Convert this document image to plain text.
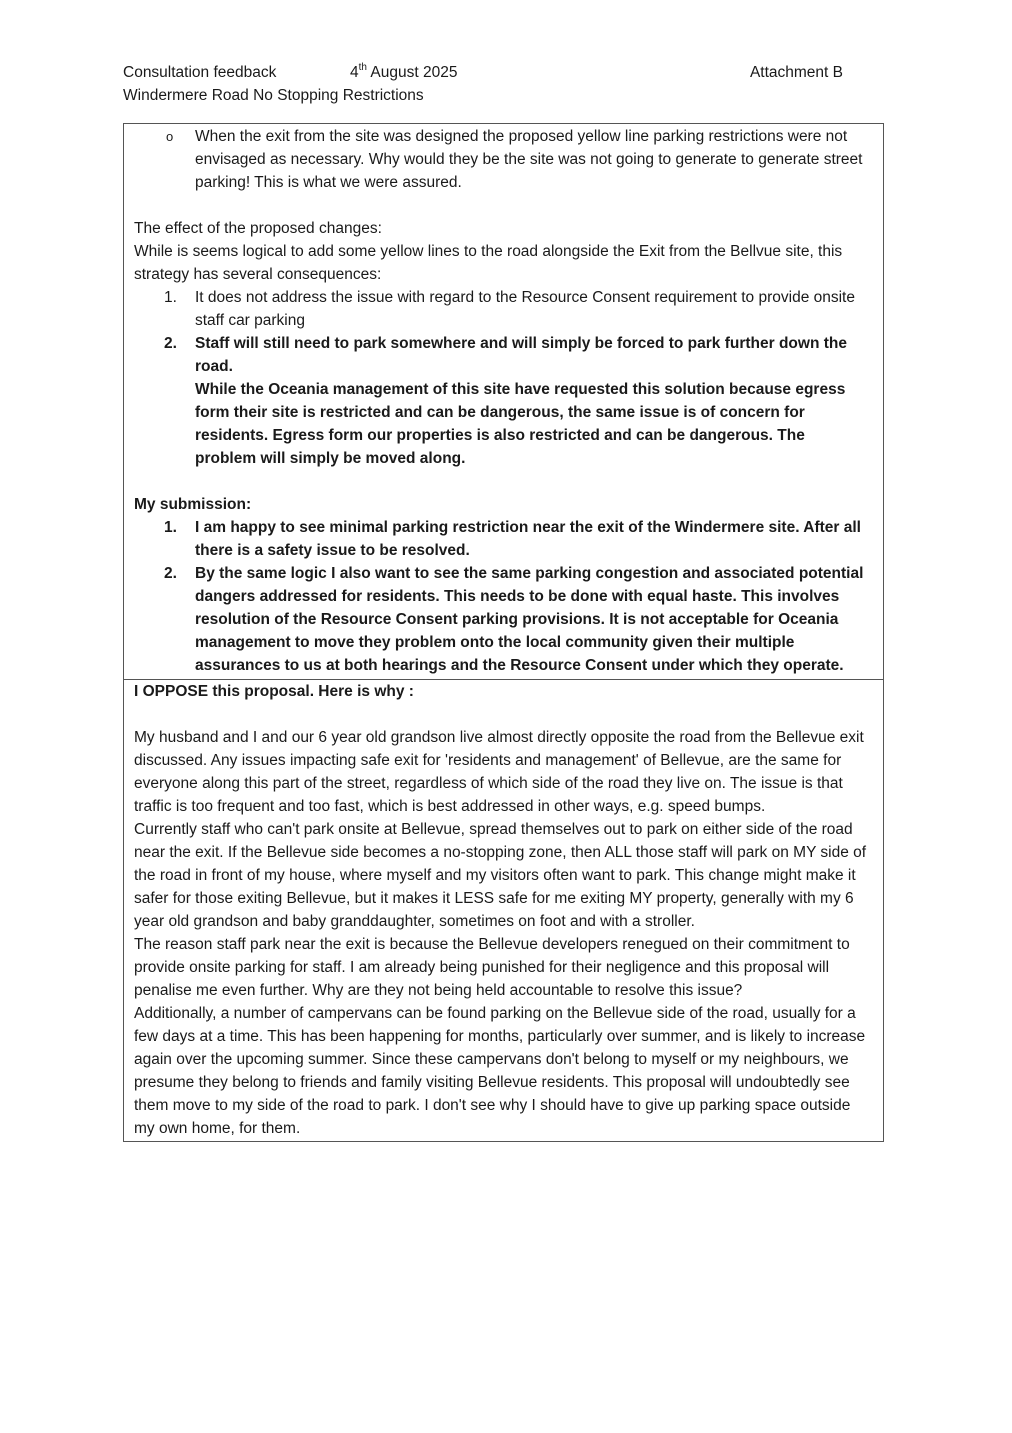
Consultation feedback	4th August 2025	Attachment B
Windermere Road No Stopping Restrictions
o When the exit from the site was designed the proposed yellow line parking restrictions were not envisaged as necessary. Why would they be the site was not going to generate to generate street parking! This is what we were assured.

The effect of the proposed changes:

While is seems logical to add some yellow lines to the road alongside the Exit from the Bellvue site, this strategy has several consequences:

1. It does not address the issue with regard to the Resource Consent requirement to provide onsite staff car parking

2. Staff will still need to park somewhere and will simply be forced to park further down the road.

While the Oceania management of this site have requested this solution because egress form their site is restricted and can be dangerous, the same issue is of concern for residents. Egress form our properties is also restricted and can be dangerous. The problem will simply be moved along.

My submission:

1. I am happy to see minimal parking restriction near the exit of the Windermere site. After all there is a safety issue to be resolved.

2. By the same logic I also want to see the same parking congestion and associated potential dangers addressed for residents. This needs to be done with equal haste. This involves resolution of the Resource Consent parking provisions. It is not acceptable for Oceania management to move they problem onto the local community given their multiple assurances to us at both hearings and the Resource Consent under which they operate.

I OPPOSE this proposal. Here is why :

My husband and I and our 6 year old grandson live almost directly opposite the road from the Bellevue exit discussed. Any issues impacting safe exit for 'residents and management' of Bellevue, are the same for everyone along this part of the street, regardless of which side of the road they live on. The issue is that traffic is too frequent and too fast, which is best addressed in other ways, e.g. speed bumps.

Currently staff who can't park onsite at Bellevue, spread themselves out to park on either side of the road near the exit. If the Bellevue side becomes a no-stopping zone, then ALL those staff will park on MY side of the road in front of my house, where myself and my visitors often want to park. This change might make it safer for those exiting Bellevue, but it makes it LESS safe for me exiting MY property, generally with my 6 year old grandson and baby granddaughter, sometimes on foot and with a stroller.

The reason staff park near the exit is because the Bellevue developers renegued on their commitment to provide onsite parking for staff. I am already being punished for their negligence and this proposal will penalise me even further. Why are they not being held accountable to resolve this issue?

Additionally, a number of campervans can be found parking on the Bellevue side of the road, usually for a few days at a time. This has been happening for months, particularly over summer, and is likely to increase again over the upcoming summer. Since these campervans don't belong to myself or my neighbours, we presume they belong to friends and family visiting Bellevue residents. This proposal will undoubtedly see them move to my side of the road to park. I don't see why I should have to give up parking space outside my own home, for them.
